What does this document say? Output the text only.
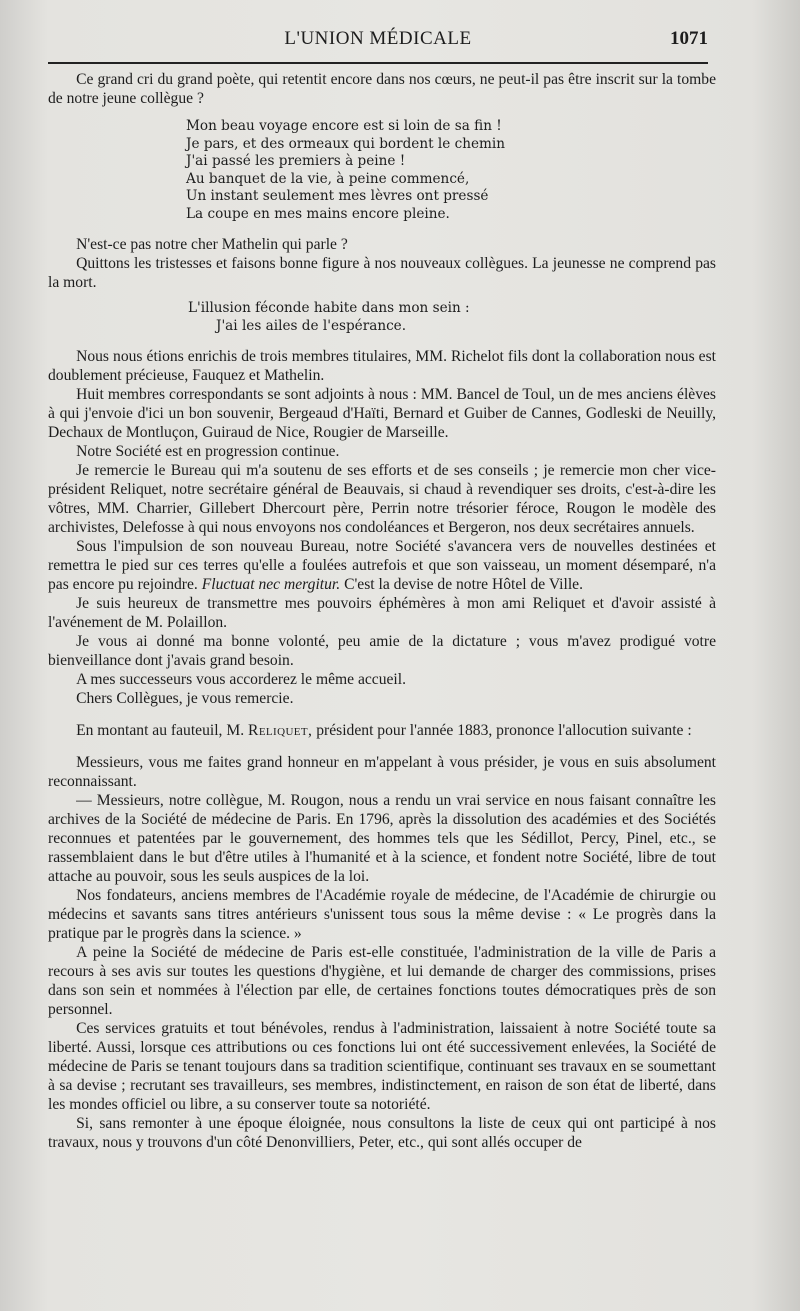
L'UNION MÉDICALE	1071

Ce grand cri du grand poète, qui retentit encore dans nos cœurs, ne peut-il pas être inscrit sur la tombe de notre jeune collègue ?

Mon beau voyage encore est si loin de sa fin !
Je pars, et des ormeaux qui bordent le chemin
J'ai passé les premiers à peine !
Au banquet de la vie, à peine commencé,
Un instant seulement mes lèvres ont pressé
La coupe en mes mains encore pleine.

N'est-ce pas notre cher Mathelin qui parle ?

Quittons les tristesses et faisons bonne figure à nos nouveaux collègues. La jeunesse ne comprend pas la mort.

L'illusion féconde habite dans mon sein :
J'ai les ailes de l'espérance.

Nous nous étions enrichis de trois membres titulaires, MM. Richelot fils dont la collaboration nous est doublement précieuse, Fauquez et Mathelin.

Huit membres correspondants se sont adjoints à nous : MM. Bancel de Toul, un de mes anciens élèves à qui j'envoie d'ici un bon souvenir, Bergeaud d'Haïti, Bernard et Guiber de Cannes, Godleski de Neuilly, Dechaux de Montluçon, Guiraud de Nice, Rougier de Marseille.

Notre Société est en progression continue.

Je remercie le Bureau qui m'a soutenu de ses efforts et de ses conseils ; je remercie mon cher vice-président Reliquet, notre secrétaire général de Beauvais, si chaud à revendiquer ses droits, c'est-à-dire les vôtres, MM. Charrier, Gillebert Dhercourt père, Perrin notre trésorier féroce, Rougon le modèle des archivistes, Delefosse à qui nous envoyons nos condoléances et Bergeron, nos deux secrétaires annuels.

Sous l'impulsion de son nouveau Bureau, notre Société s'avancera vers de nouvelles destinées et remettra le pied sur ces terres qu'elle a foulées autrefois et que son vaisseau, un moment désemparé, n'a pas encore pu rejoindre. Fluctuat nec mergitur. C'est la devise de notre Hôtel de Ville.

Je suis heureux de transmettre mes pouvoirs éphémères à mon ami Reliquet et d'avoir assisté à l'avénement de M. Polaillon.

Je vous ai donné ma bonne volonté, peu amie de la dictature ; vous m'avez prodigué votre bienveillance dont j'avais grand besoin.

A mes successeurs vous accorderez le même accueil.

Chers Collègues, je vous remercie.

En montant au fauteuil, M. Reliquet, président pour l'année 1883, prononce l'allocution suivante :

Messieurs, vous me faites grand honneur en m'appelant à vous présider, je vous en suis absolument reconnaissant.

— Messieurs, notre collègue, M. Rougon, nous a rendu un vrai service en nous faisant connaître les archives de la Société de médecine de Paris. En 1796, après la dissolution des académies et des Sociétés reconnues et patentées par le gouvernement, des hommes tels que les Sédillot, Percy, Pinel, etc., se rassemblaient dans le but d'être utiles à l'humanité et à la science, et fondent notre Société, libre de tout attache au pouvoir, sous les seuls auspices de la loi.

Nos fondateurs, anciens membres de l'Académie royale de médecine, de l'Académie de chirurgie ou médecins et savants sans titres antérieurs s'unissent tous sous la même devise : « Le progrès dans la pratique par le progrès dans la science. »

A peine la Société de médecine de Paris est-elle constituée, l'administration de la ville de Paris a recours à ses avis sur toutes les questions d'hygiène, et lui demande de charger des commissions, prises dans son sein et nommées à l'élection par elle, de certaines fonctions toutes démocratiques près de son personnel.

Ces services gratuits et tout bénévoles, rendus à l'administration, laissaient à notre Société toute sa liberté. Aussi, lorsque ces attributions ou ces fonctions lui ont été successivement enlevées, la Société de médecine de Paris se tenant toujours dans sa tradition scientifique, continuant ses travaux en se soumettant à sa devise ; recrutant ses travailleurs, ses membres, indistinctement, en raison de son état de liberté, dans les mondes officiel ou libre, a su conserver toute sa notoriété.

Si, sans remonter à une époque éloignée, nous consultons la liste de ceux qui ont participé à nos travaux, nous y trouvons d'un côté Denonvilliers, Peter, etc., qui sont allés occuper de
